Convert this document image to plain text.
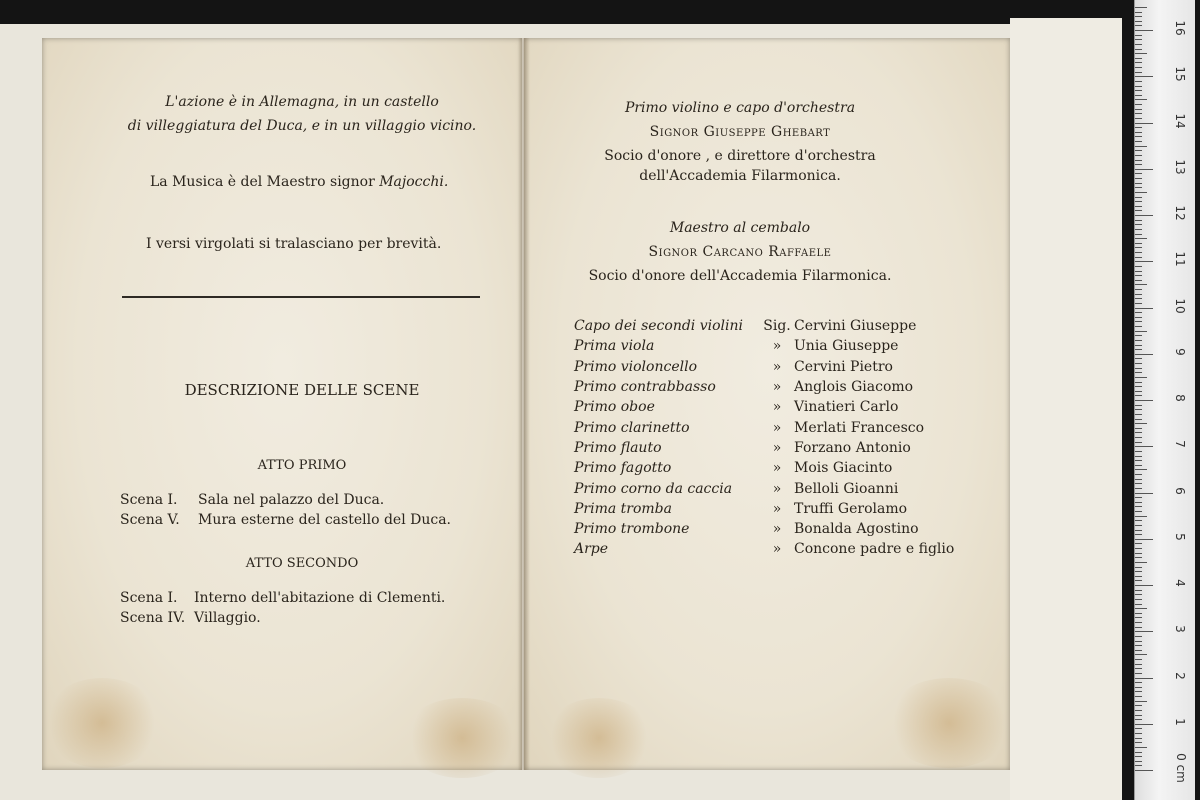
L'azione è in Allemagna, in un castello
di villeggiatura del Duca, e in un villaggio vicino.
La Musica è del Maestro signor Majocchi.
I versi virgolati si tralasciano per brevità.
DESCRIZIONE DELLE SCENE
ATTO PRIMO
Scena I. Sala nel palazzo del Duca.
Scena V. Mura esterne del castello del Duca.
ATTO SECONDO
Scena I. Interno dell'abitazione di Clementi.
Scena IV. Villaggio.
Primo violino e capo d'orchestra
Signor Giuseppe Ghebart
Socio d'onore , e direttore d'orchestra
dell'Accademia Filarmonica.
Maestro al cembalo
Signor Carcano Raffaele
Socio d'onore dell'Accademia Filarmonica.
Capo dei secondi violini	Sig.	Cervini Giuseppe
Prima viola	»	Unia Giuseppe
Primo violoncello	»	Cervini Pietro
Primo contrabbasso	»	Anglois Giacomo
Primo oboe	»	Vinatieri Carlo
Primo clarinetto	»	Merlati Francesco
Primo flauto	»	Forzano Antonio
Primo fagotto	»	Mois Giacinto
Primo corno da caccia	»	Belloli Gioanni
Prima tromba	»	Truffi Gerolamo
Primo trombone	»	Bonalda Agostino
Arpe	»	Concone padre e figlio
0 cm
1
2
3
4
5
6
7
8
9
10
11
12
13
14
15
16
